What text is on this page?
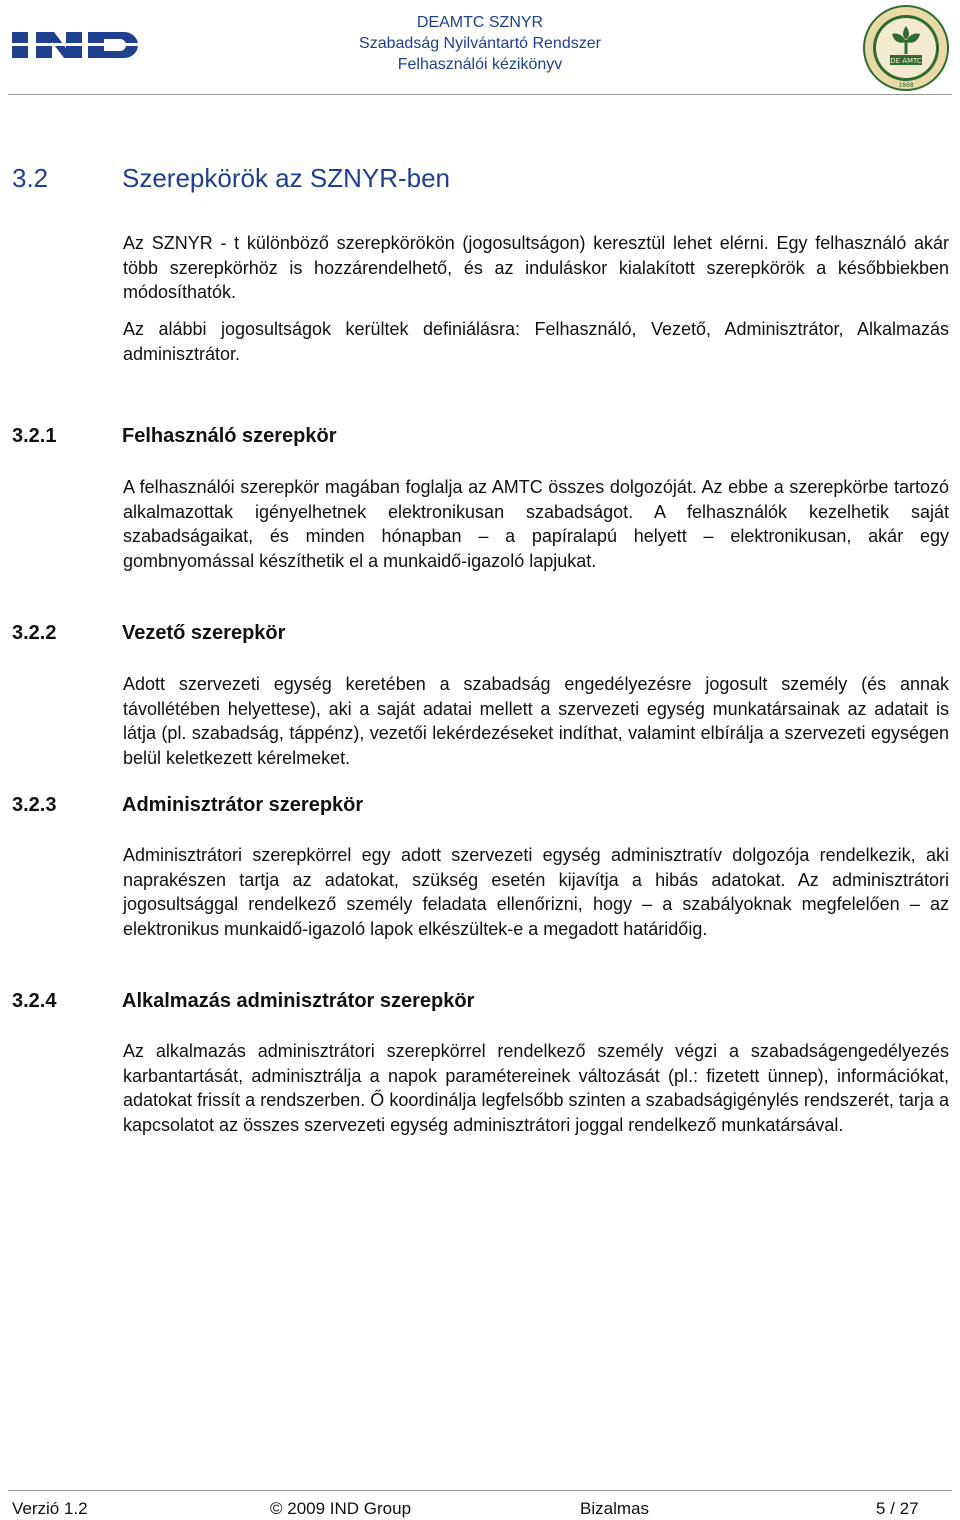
DEAMTC SZNYR
Szabadság Nyilvántartó Rendszer
Felhasználói kézikönyv	DE AMTC
1868
3.2	Szerepkörök az SZNYR-ben

Az SZNYR - t különböző szerepkörökön (jogosultságon) keresztül lehet elérni. Egy felhasználó akár több szerepkörhöz is hozzárendelhető, és az induláskor kialakított szerepkörök a későbbiekben módosíthatók.

Az alábbi jogosultságok kerültek definiálásra: Felhasználó, Vezető, Adminisztrátor, Alkalmazás adminisztrátor.

3.2.1	Felhasználó szerepkör

A felhasználói szerepkör magában foglalja az AMTC összes dolgozóját. Az ebbe a szerepkörbe tartozó alkalmazottak igényelhetnek elektronikusan szabadságot. A felhasználók kezelhetik saját szabadságaikat, és minden hónapban – a papíralapú helyett – elektronikusan, akár egy gombnyomással készíthetik el a munkaidő-igazoló lapjukat.

3.2.2	Vezető szerepkör

Adott szervezeti egység keretében a szabadság engedélyezésre jogosult személy (és annak távollétében helyettese), aki a saját adatai mellett a szervezeti egység munkatársainak az adatait is látja (pl. szabadság, táppénz), vezetői lekérdezéseket indíthat, valamint elbírálja a szervezeti egységen belül keletkezett kérelmeket.

3.2.3	Adminisztrátor szerepkör

Adminisztrátori szerepkörrel egy adott szervezeti egység adminisztratív dolgozója rendelkezik, aki naprakészen tartja az adatokat, szükség esetén kijavítja a hibás adatokat. Az adminisztrátori jogosultsággal rendelkező személy feladata ellenőrizni, hogy – a szabályoknak megfelelően – az elektronikus munkaidő-igazoló lapok elkészültek-e a megadott határidőig.

3.2.4	Alkalmazás adminisztrátor szerepkör

Az alkalmazás adminisztrátori szerepkörrel rendelkező személy végzi a szabadságengedélyezés karbantartását, adminisztrálja a napok paramétereinek változását (pl.: fizetett ünnep), információkat, adatokat frissít a rendszerben. Ő koordinálja legfelsőbb szinten a szabadságigénylés rendszerét, tarja a kapcsolatot az összes szervezeti egység adminisztrátori joggal rendelkező munkatársával.

Verzió 1.2	© 2009 IND Group	Bizalmas	5 / 27
